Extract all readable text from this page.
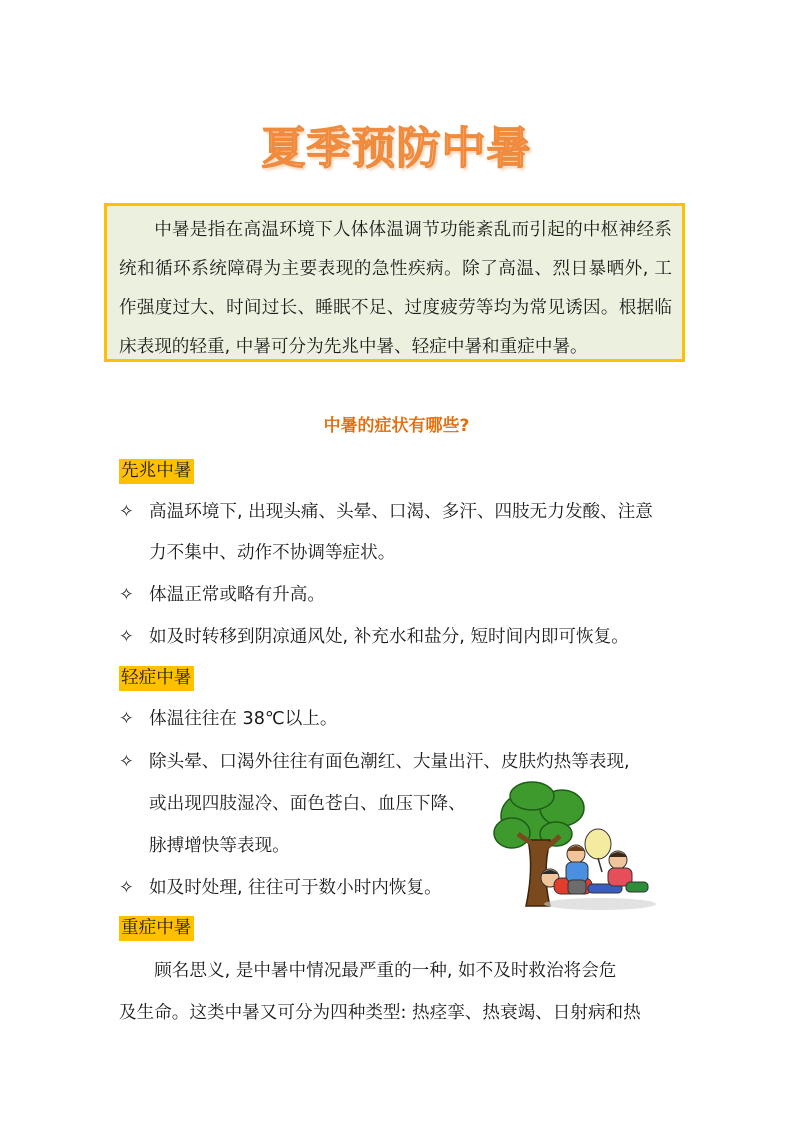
夏季预防中暑

中暑是指在高温环境下人体体温调节功能紊乱而引起的中枢神经系统和循环系统障碍为主要表现的急性疾病。除了高温、烈日暴晒外, 工作强度过大、时间过长、睡眠不足、过度疲劳等均为常见诱因。根据临床表现的轻重, 中暑可分为先兆中暑、轻症中暑和重症中暑。

中暑的症状有哪些?
先兆中暑
✧ 高温环境下, 出现头痛、头晕、口渴、多汗、四肢无力发酸、注意
力不集中、动作不协调等症状。
✧ 体温正常或略有升高。
✧ 如及时转移到阴凉通风处, 补充水和盐分, 短时间内即可恢复。
轻症中暑
✧ 体温往往在 38℃以上。
✧ 除头晕、口渴外往往有面色潮红、大量出汗、皮肤灼热等表现,
或出现四肢湿冷、面色苍白、血压下降、
脉搏增快等表现。
✧ 如及时处理, 往往可于数小时内恢复。
重症中暑
顾名思义, 是中暑中情况最严重的一种, 如不及时救治将会危
及生命。这类中暑又可分为四种类型: 热痉挛、热衰竭、日射病和热
